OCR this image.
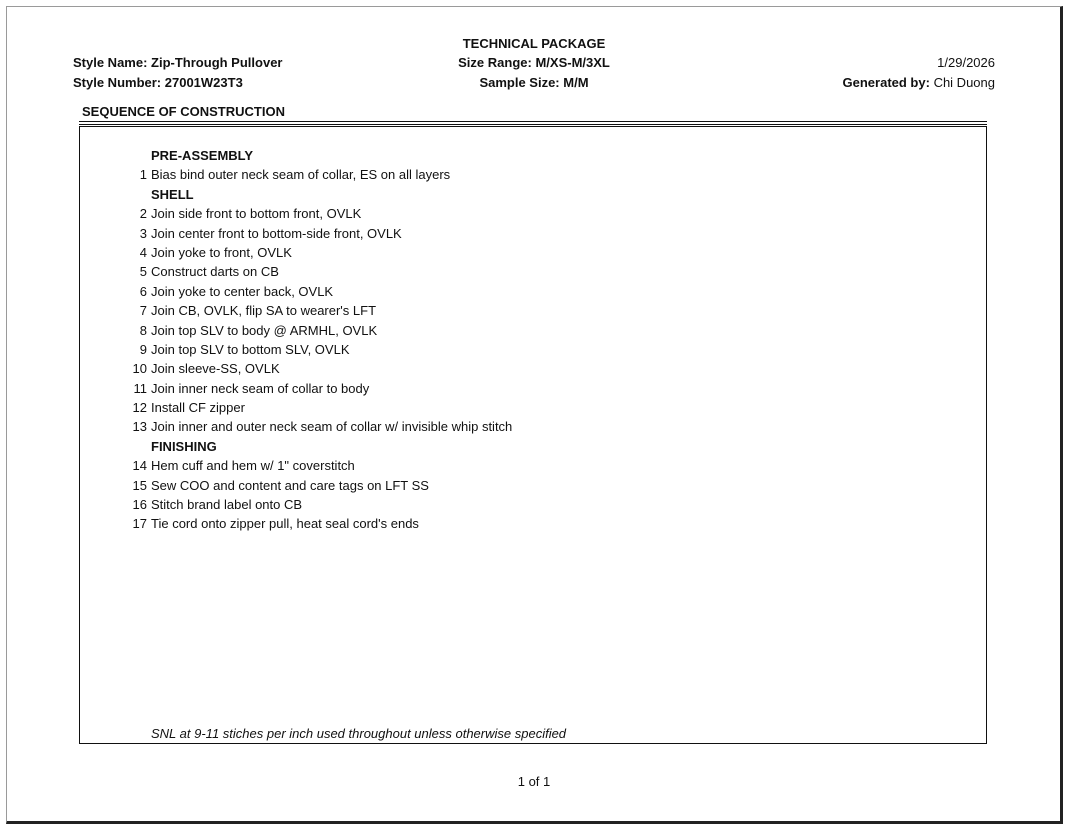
TECHNICAL PACKAGE
Style Name: Zip-Through Pullover
Style Number: 27001W23T3
Size Range: M/XS-M/3XL
Sample Size: M/M
1/29/2026
Generated by: Chi Duong
SEQUENCE OF CONSTRUCTION
PRE-ASSEMBLY
1 Bias bind outer neck seam of collar, ES on all layers
SHELL
2 Join side front to bottom front, OVLK
3 Join center front to bottom-side front, OVLK
4 Join yoke to front, OVLK
5 Construct darts on CB
6 Join yoke to center back, OVLK
7 Join CB, OVLK, flip SA to wearer's LFT
8 Join top SLV to body @ ARMHL, OVLK
9 Join top SLV to bottom SLV, OVLK
10 Join sleeve-SS, OVLK
11 Join inner neck seam of collar to body
12 Install CF zipper
13 Join inner and outer neck seam of collar w/ invisible whip stitch
FINISHING
14 Hem cuff and hem w/ 1" coverstitch
15 Sew COO and content and care tags on LFT SS
16 Stitch brand label onto CB
17 Tie cord onto zipper pull, heat seal cord's ends
SNL at 9-11 stiches per inch used throughout unless otherwise specified
1 of 1
